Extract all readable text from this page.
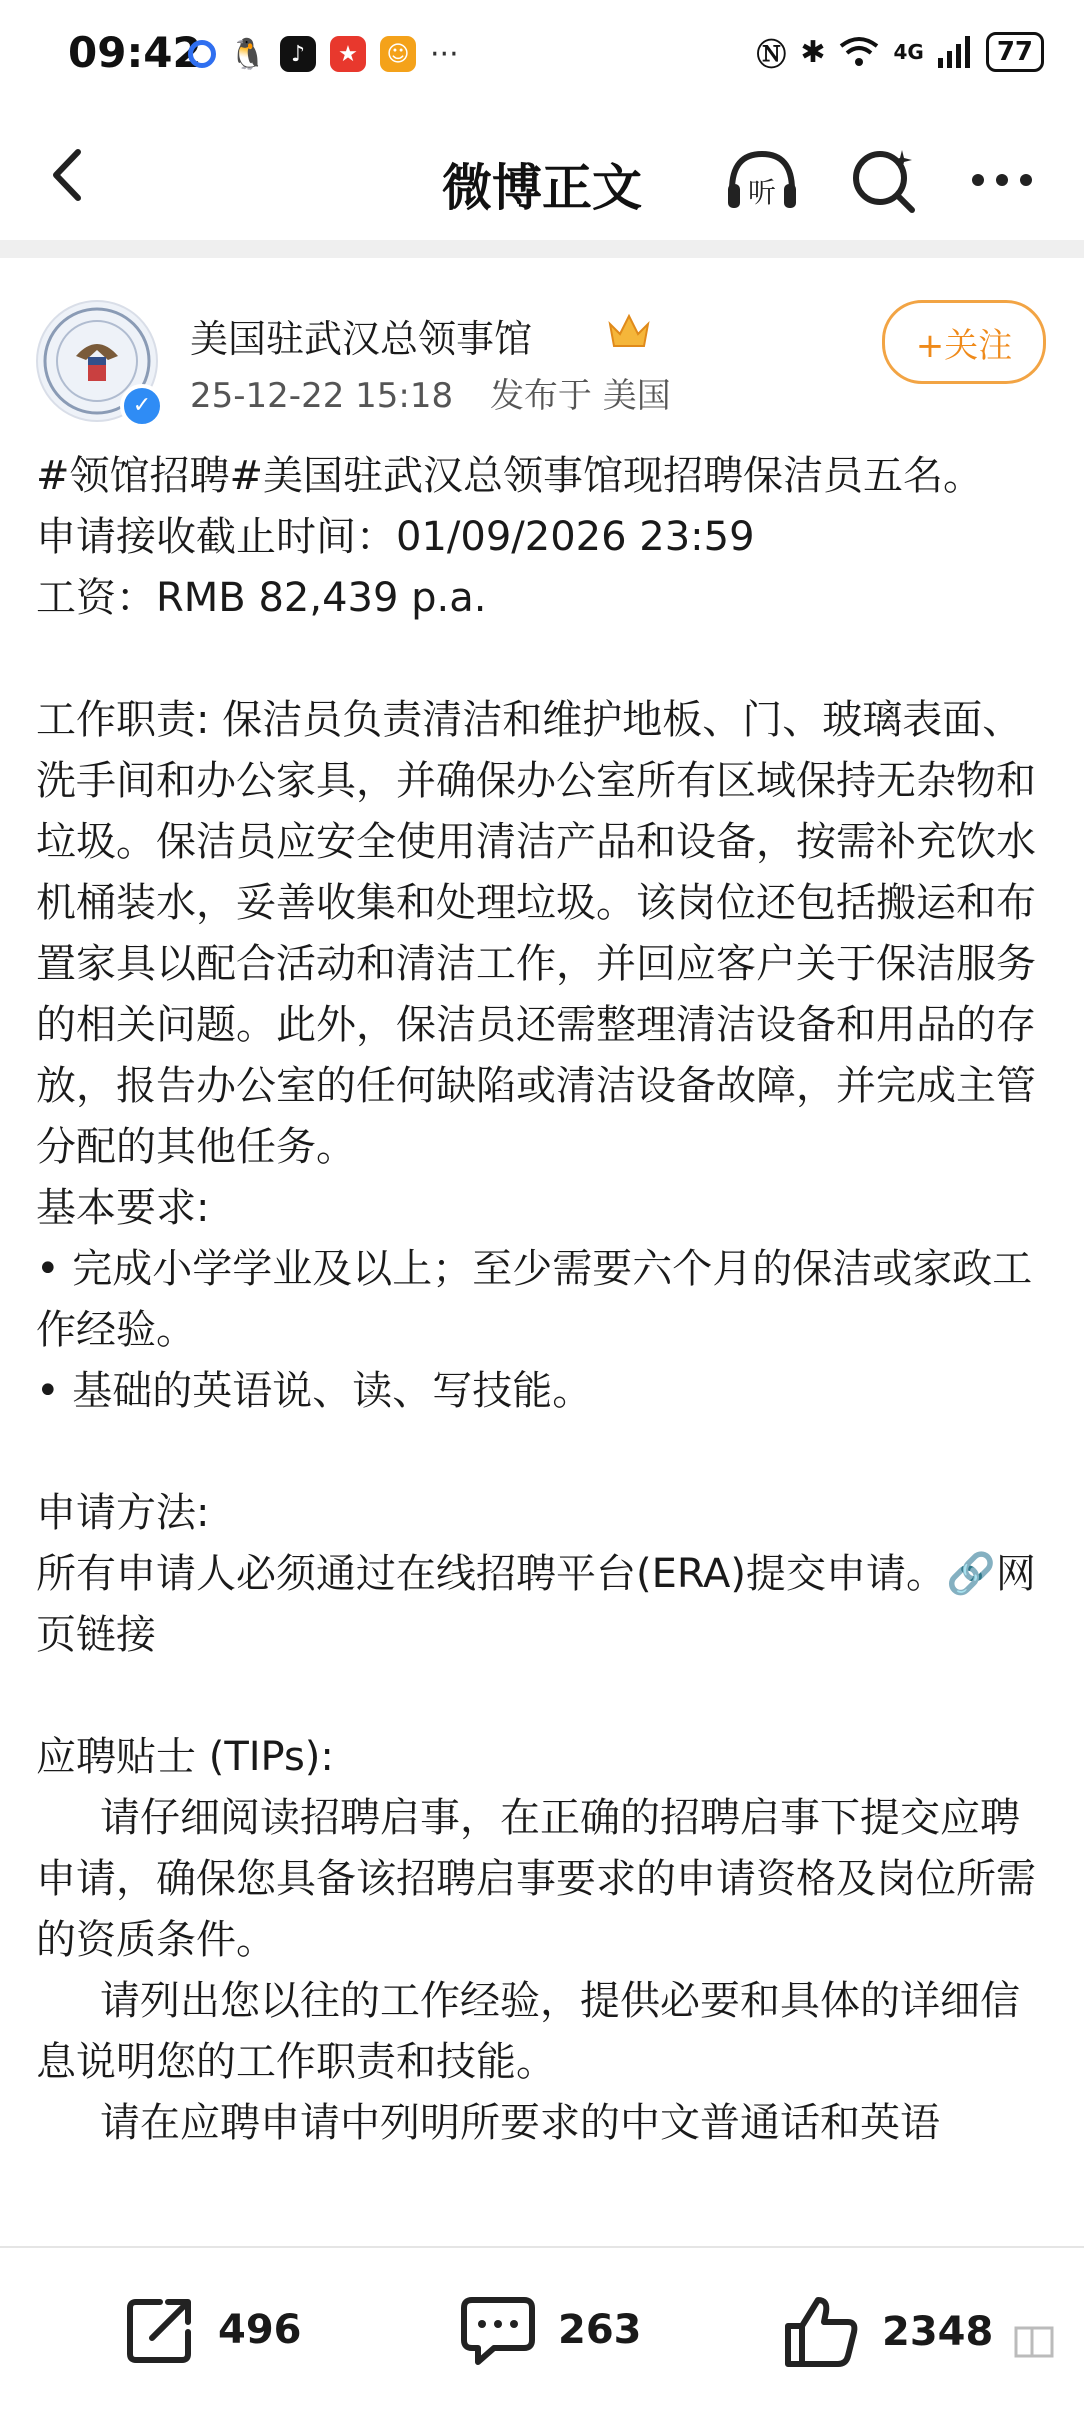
09:42 🐧	♪	★	☺ ···	Ⓝ ✱	4G	77
微博正文	听
✓
美国驻武汉总领事馆
25-12-22 15:18 发布于 美国
+关注

#领馆招聘#美国驻武汉总领事馆现招聘保洁员五名。

申请接收截止时间：01/09/2026 23:59

工资：RMB 82,439 p.a.

工作职责: 保洁员负责清洁和维护地板、门、玻璃表面、洗手间和办公家具，并确保办公室所有区域保持无杂物和垃圾。保洁员应安全使用清洁产品和设备，按需补充饮水机桶装水，妥善收集和处理垃圾。该岗位还包括搬运和布置家具以配合活动和清洁工作，并回应客户关于保洁服务的相关问题。此外，保洁员还需整理清洁设备和用品的存放，报告办公室的任何缺陷或清洁设备故障，并完成主管分配的其他任务。

基本要求:

• 完成小学学业及以上；至少需要六个月的保洁或家政工作经验。

• 基础的英语说、读、写技能。

申请方法:

所有申请人必须通过在线招聘平台(ERA)提交申请。🔗网页链接

应聘贴士 (TIPs):

请仔细阅读招聘启事，在正确的招聘启事下提交应聘申请，确保您具备该招聘启事要求的申请资格及岗位所需的资质条件。

请列出您以往的工作经验，提供必要和具体的详细信息说明您的工作职责和技能。

请在应聘申请中列明所要求的中文普通话和英语

496	263	2348
